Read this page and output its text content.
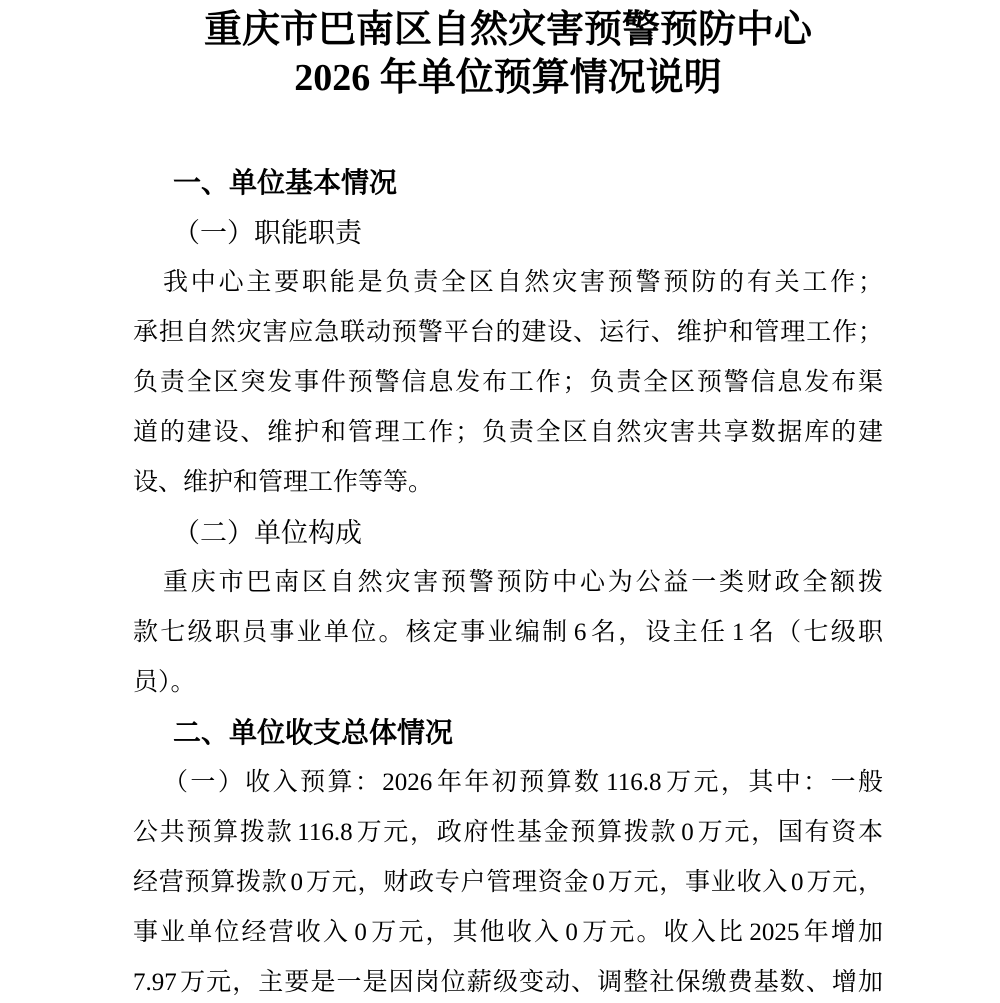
重庆市巴南区自然灾害预警预防中心
2026 年单位预算情况说明
一、单位基本情况
（一）职能职责
我中心主要职能是负责全区自然灾害预警预防的有关工作；
承担自然灾害应急联动预警平台的建设、运行、维护和管理工作；
负责全区突发事件预警信息发布工作；负责全区预警信息发布渠
道的建设、维护和管理工作；负责全区自然灾害共享数据库的建
设、维护和管理工作等等。
（二）单位构成
重庆市巴南区自然灾害预警预防中心为公益一类财政全额拨
款七级职员事业单位。核定事业编制 6 名，设主任 1 名（七级职
员）。
二、单位收支总体情况
（一）收入预算：2026 年年初预算数 116.8 万元，其中：一般
公共预算拨款 116.8 万元，政府性基金预算拨款 0 万元，国有资本
经营预算拨款 0 万元，财政专户管理资金 0 万元，事业收入 0 万元，
事业单位经营收入 0 万元，其他收入 0 万元。收入比 2025 年增加
7.97 万元，主要是一是因岗位薪级变动、调整社保缴费基数、增加
